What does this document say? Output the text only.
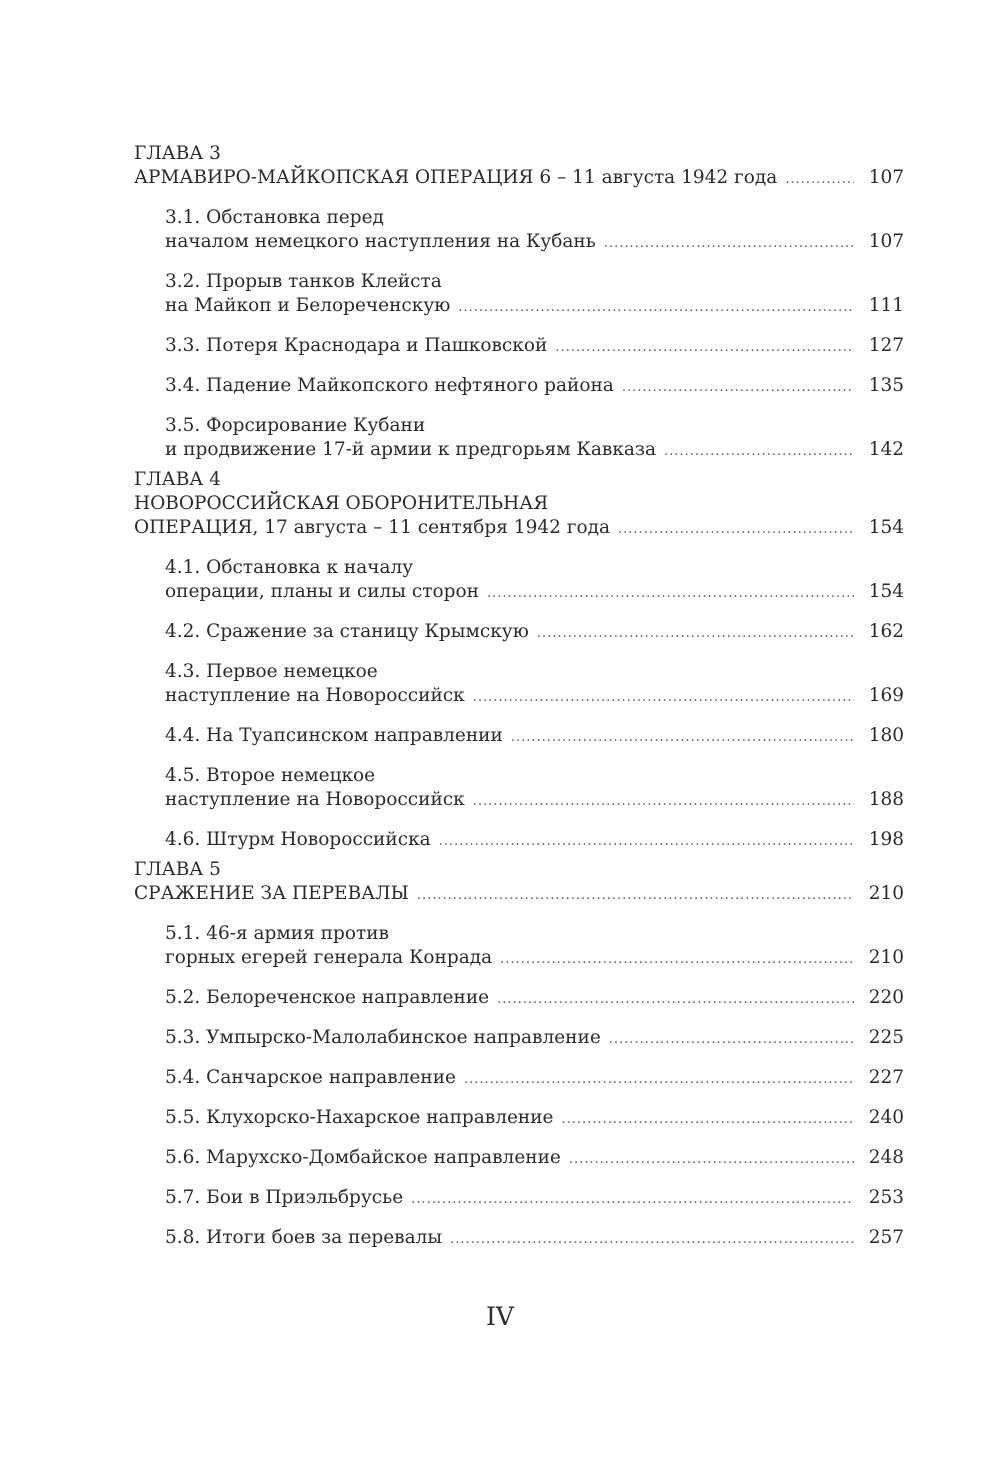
ГЛАВА 3
АРМАВИРО-МАЙКОПСКАЯ ОПЕРАЦИЯ 6 – 11 августа 1942 года .....	107
3.1. Обстановка перед
началом немецкого наступления на Кубань .....	107
3.2. Прорыв танков Клейста
на Майкоп и Белореченскую .....	111
3.3. Потеря Краснодара и Пашковской .....	127
3.4. Падение Майкопского нефтяного района .....	135
3.5. Форсирование Кубани
и продвижение 17-й армии к предгорьям Кавказа .....	142
ГЛАВА 4
НОВОРОССИЙСКАЯ ОБОРОНИТЕЛЬНАЯ
ОПЕРАЦИЯ, 17 августа – 11 сентября 1942 года .....	154
4.1. Обстановка к началу
операции, планы и силы сторон .....	154
4.2. Сражение за станицу Крымскую .....	162
4.3. Первое немецкое
наступление на Новороссийск .....	169
4.4. На Туапсинском направлении .....	180
4.5. Второе немецкое
наступление на Новороссийск .....	188
4.6. Штурм Новороссийска .....	198
ГЛАВА 5
СРАЖЕНИЕ ЗА ПЕРЕВАЛЫ .....	210
5.1. 46-я армия против
горных егерей генерала Конрада .....	210
5.2. Белореченское направление .....	220
5.3. Умпырско-Малолабинское направление .....	225
5.4. Санчарское направление .....	227
5.5. Клухорско-Нахарское направление .....	240
5.6. Марухско-Домбайское направление .....	248
5.7. Бои в Приэльбрусье .....	253
5.8. Итоги боев за перевалы .....	257
IV
